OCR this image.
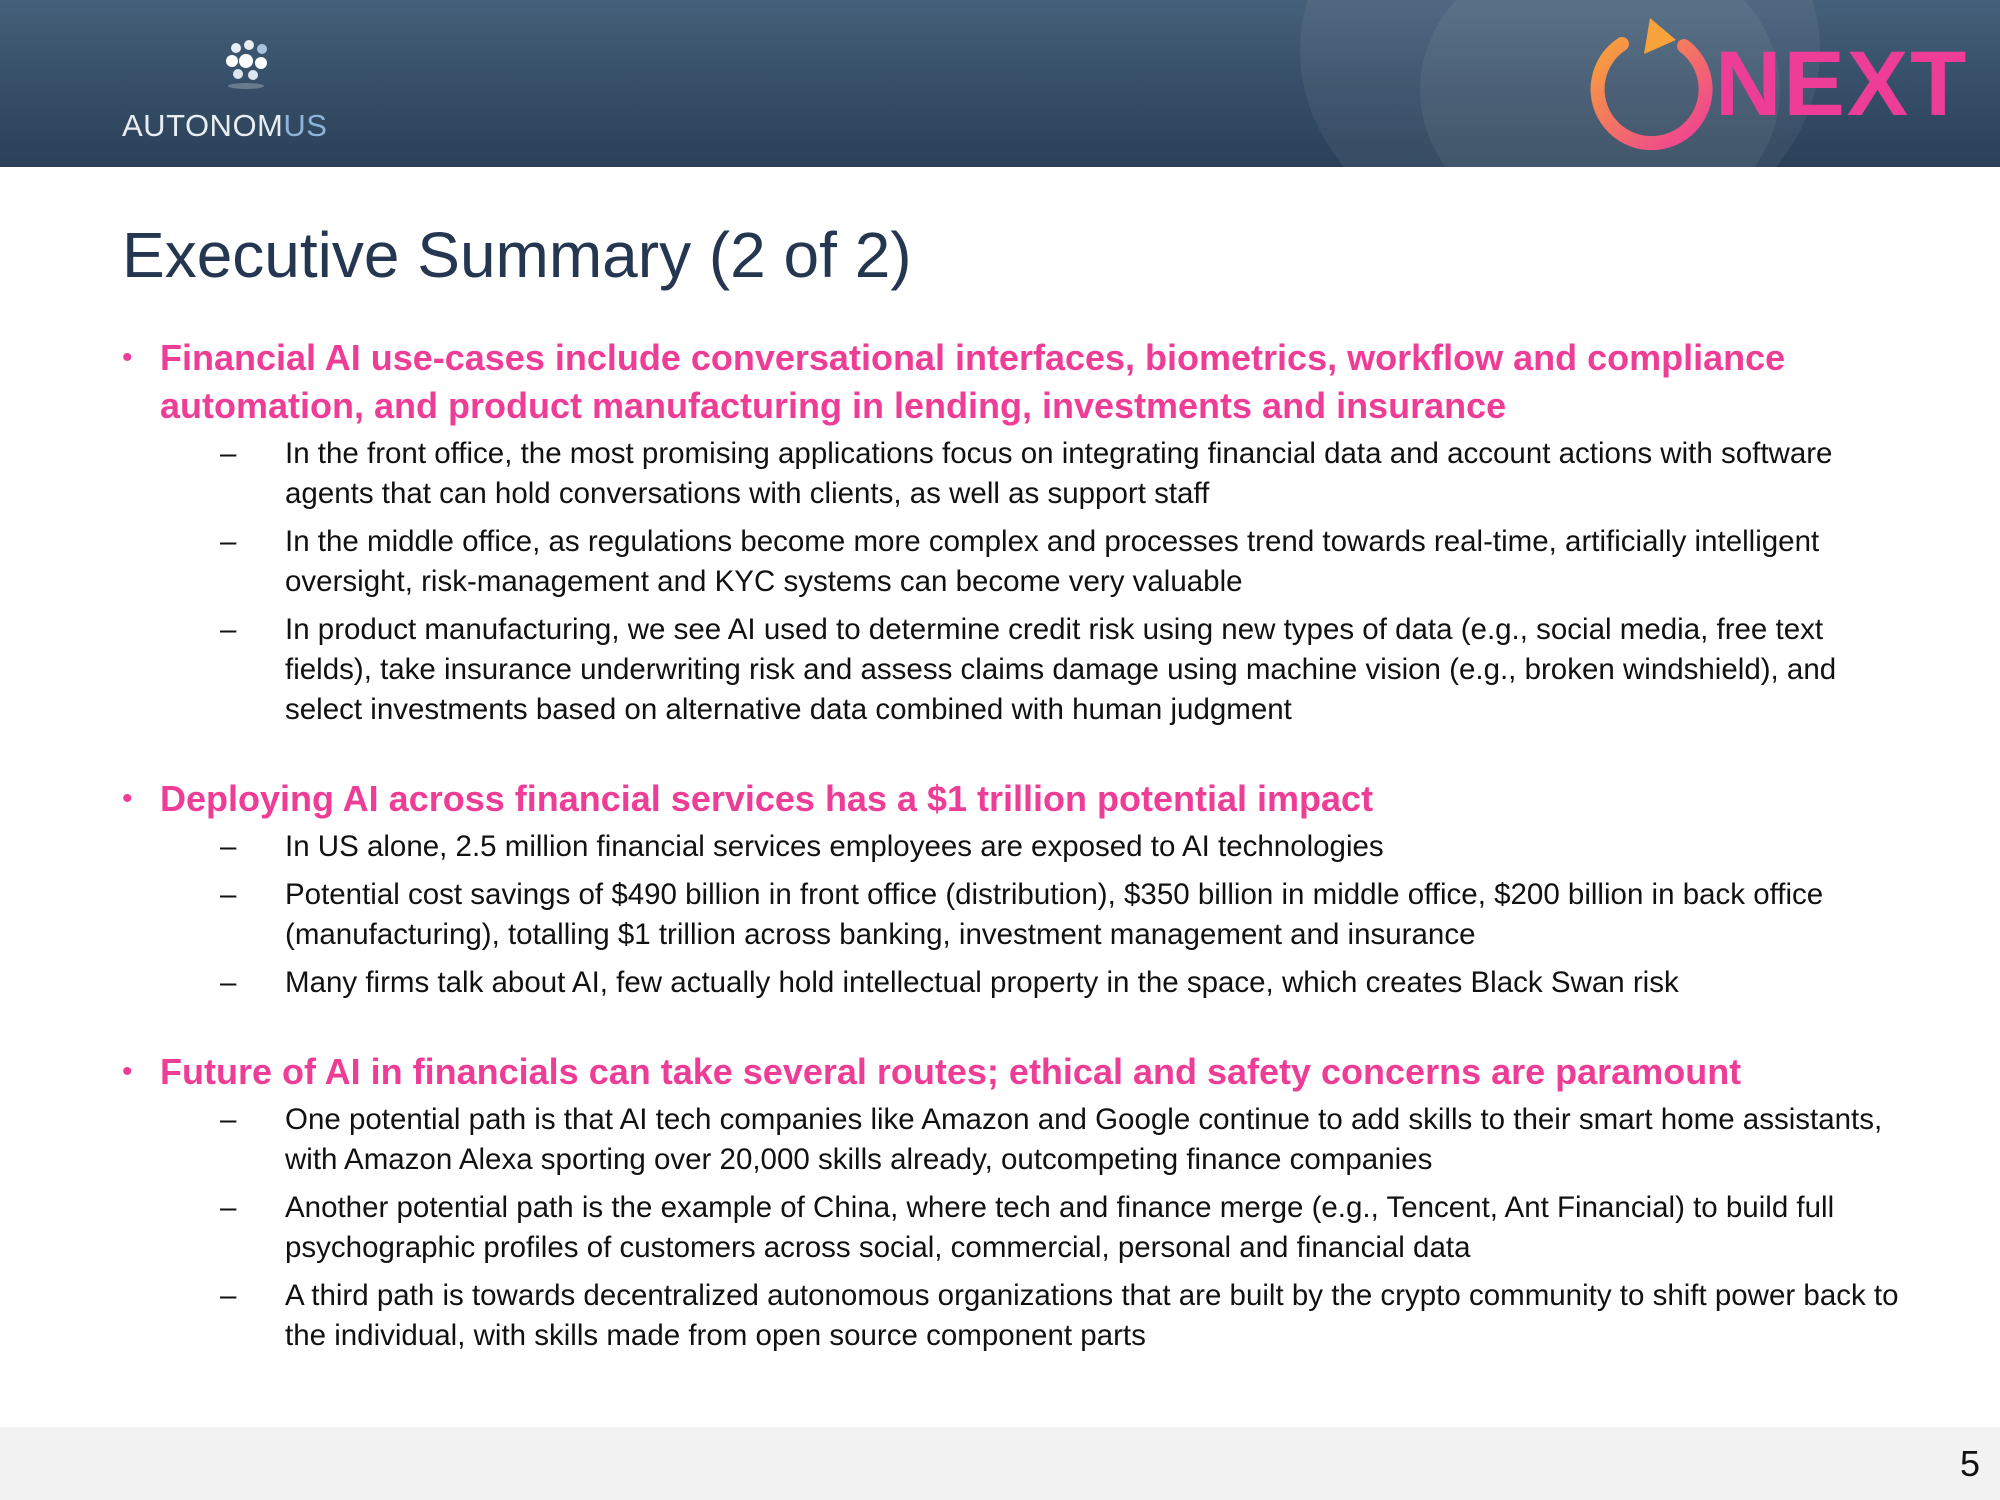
AUTONOMUS	NEXT
Executive Summary (2 of 2)
• Financial AI use-cases include conversational interfaces, biometrics, workflow and compliance automation, and product manufacturing in lending, investments and insurance
–	In the front office, the most promising applications focus on integrating financial data and account actions with software agents that can hold conversations with clients, as well as support staff
–	In the middle office, as regulations become more complex and processes trend towards real-time, artificially intelligent oversight, risk-management and KYC systems can become very valuable
–	In product manufacturing, we see AI used to determine credit risk using new types of data (e.g., social media, free text fields), take insurance underwriting risk and assess claims damage using machine vision (e.g., broken windshield), and select investments based on alternative data combined with human judgment
• Deploying AI across financial services has a $1 trillion potential impact
–	In US alone, 2.5 million financial services employees are exposed to AI technologies
–	Potential cost savings of $490 billion in front office (distribution), $350 billion in middle office, $200 billion in back office (manufacturing), totalling $1 trillion across banking, investment management and insurance
–	Many firms talk about AI, few actually hold intellectual property in the space, which creates Black Swan risk
• Future of AI in financials can take several routes; ethical and safety concerns are paramount
–	One potential path is that AI tech companies like Amazon and Google continue to add skills to their smart home assistants, with Amazon Alexa sporting over 20,000 skills already, outcompeting finance companies
–	Another potential path is the example of China, where tech and finance merge (e.g., Tencent, Ant Financial) to build full psychographic profiles of customers across social, commercial, personal and financial data
–	A third path is towards decentralized autonomous organizations that are built by the crypto community to shift power back to the individual, with skills made from open source component parts
5
